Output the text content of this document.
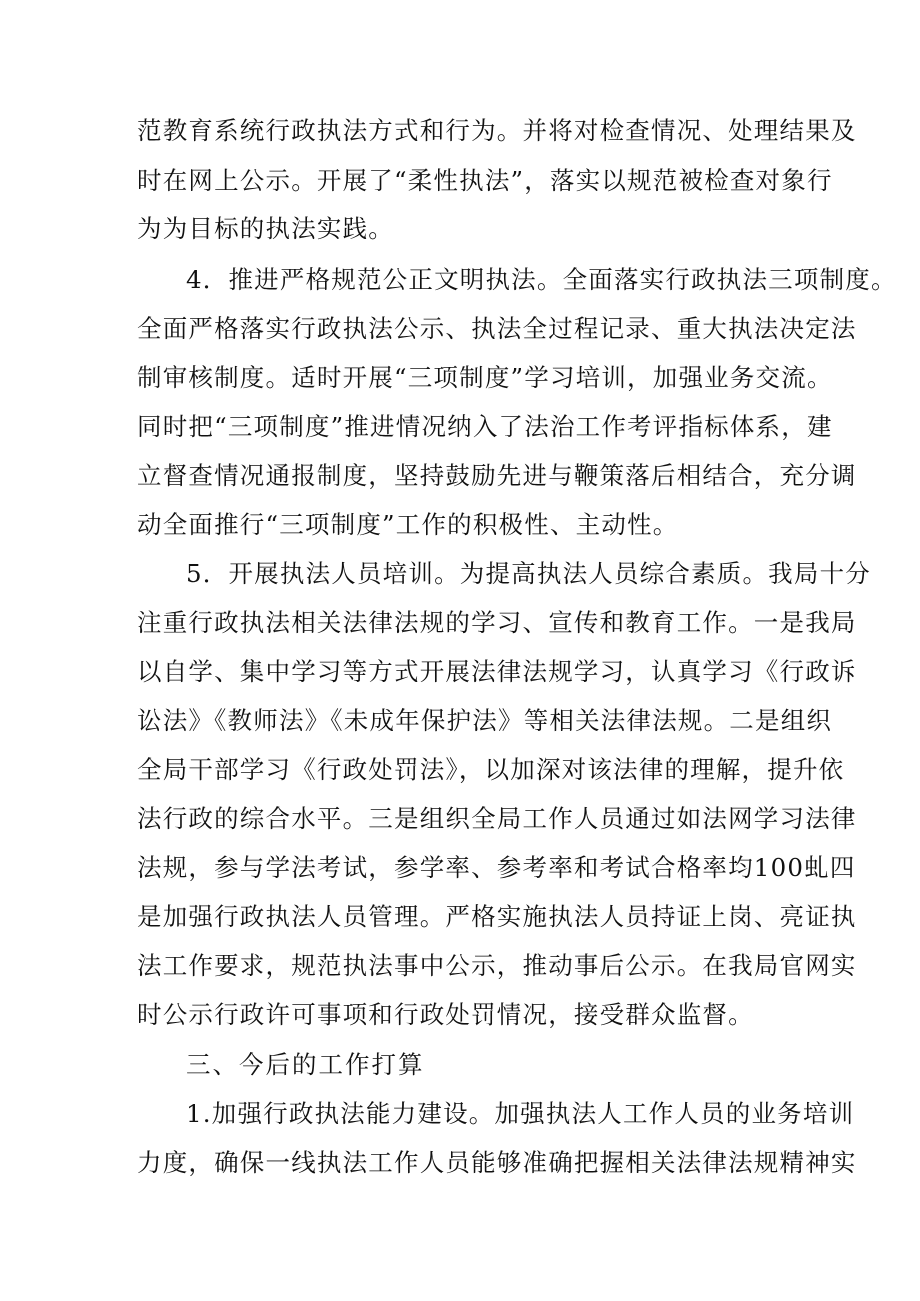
范教育系统行政执法方式和行为。并将对检查情况、处理结果及
时在网上公示。开展了“柔性执法”，落实以规范被检查对象行
为为目标的执法实践。
4．推进严格规范公正文明执法。全面落实行政执法三项制度。
全面严格落实行政执法公示、执法全过程记录、重大执法决定法
制审核制度。适时开展“三项制度”学习培训，加强业务交流。
同时把“三项制度”推进情况纳入了法治工作考评指标体系，建
立督查情况通报制度，坚持鼓励先进与鞭策落后相结合，充分调
动全面推行“三项制度”工作的积极性、主动性。
5．开展执法人员培训。为提高执法人员综合素质。我局十分
注重行政执法相关法律法规的学习、宣传和教育工作。一是我局
以自学、集中学习等方式开展法律法规学习，认真学习《行政诉
讼法》《教师法》《未成年保护法》等相关法律法规。二是组织
全局干部学习《行政处罚法》，以加深对该法律的理解，提升依
法行政的综合水平。三是组织全局工作人员通过如法网学习法律
法规，参与学法考试，参学率、参考率和考试合格率均100虬四
是加强行政执法人员管理。严格实施执法人员持证上岗、亮证执
法工作要求，规范执法事中公示，推动事后公示。在我局官网实
时公示行政许可事项和行政处罚情况，接受群众监督。
三、今后的工作打算
1.加强行政执法能力建设。加强执法人工作人员的业务培训
力度，确保一线执法工作人员能够准确把握相关法律法规精神实
